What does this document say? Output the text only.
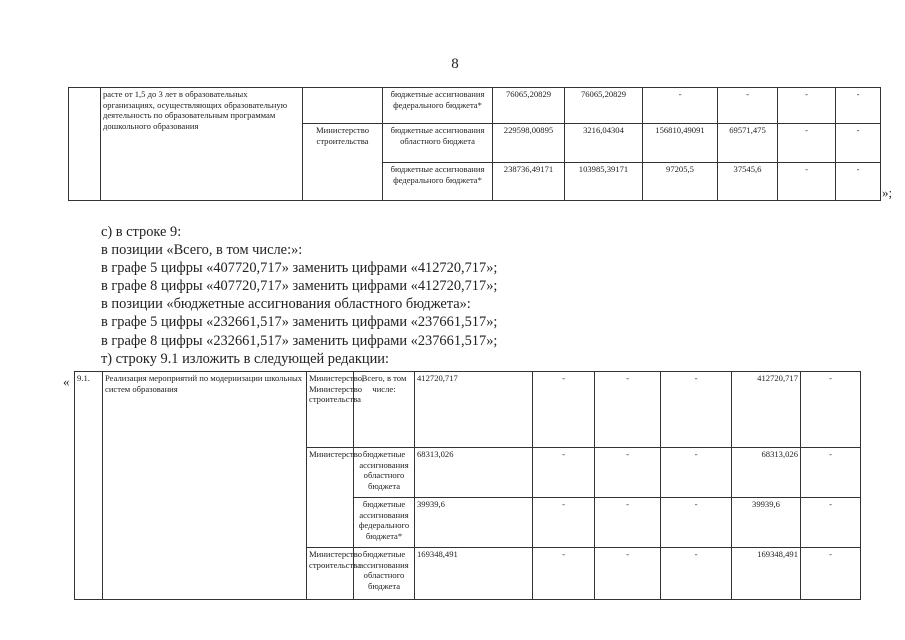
8
	расте от 1,5 до 3 лет в образовательных организациях, осуществляющих образовательную деятельность по образовательным программам дошкольного образования		бюджетные ассигнования федерального бюджета*	76065,20829	76065,20829	-	-	-	-
		Министерство строительства	бюджетные ассигнования областного бюджета	229598,00895	3216,04304	156810,49091	69571,475	-	-
			бюджетные ассигнования федерального бюджета*	238736,49171	103985,39171	97205,5	37545,6	-	-
»;
с) в строке 9:
в позиции «Всего, в том числе:»:
в графе 5 цифры «407720,717» заменить цифрами «412720,717»;
в графе 8 цифры «407720,717» заменить цифрами «412720,717»;
в позиции «бюджетные ассигнования областного бюджета»:
в графе 5 цифры «232661,517» заменить цифрами «237661,517»;
в графе 8 цифры «232661,517» заменить цифрами «237661,517»;
т) строку 9.1 изложить в следующей редакции:
« 9.1.	Реализация мероприятий по модернизации школьных систем образования	Министерство, Министерство строительства	Всего, в том числе:	412720,717	-	-	-	412720,717	-
		Министерство	бюджетные ассигнования областного бюджета	68313,026	-	-	-	68313,026	-
			бюджетные ассигнования федерального бюджета*	39939,6	-	-	-	39939,6	-
		Министерство строительства	бюджетные ассигнования областного бюджета	169348,491	-	-	-	169348,491	-
